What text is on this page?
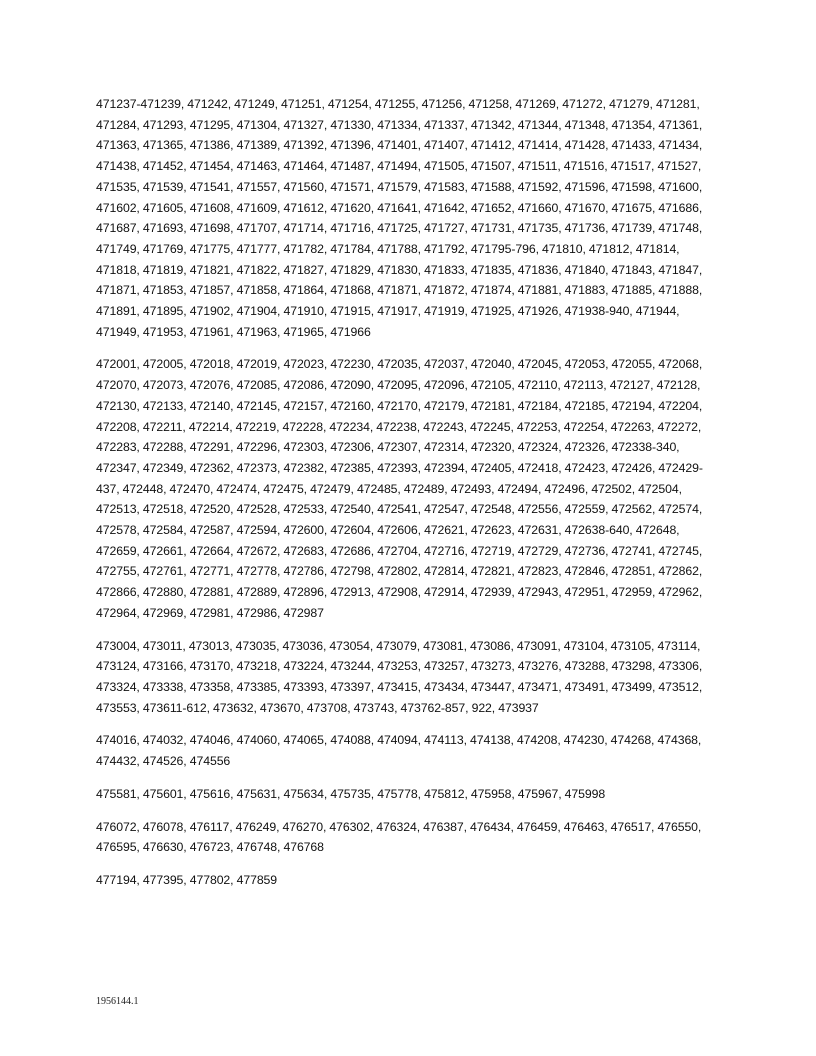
471237-471239, 471242, 471249, 471251, 471254, 471255, 471256, 471258, 471269, 471272, 471279, 471281, 471284, 471293, 471295, 471304, 471327, 471330, 471334, 471337, 471342, 471344, 471348, 471354, 471361, 471363, 471365, 471386, 471389, 471392, 471396, 471401, 471407, 471412, 471414, 471428, 471433, 471434, 471438, 471452, 471454, 471463, 471464, 471487, 471494, 471505, 471507, 471511, 471516, 471517, 471527, 471535, 471539, 471541, 471557, 471560, 471571, 471579, 471583, 471588, 471592, 471596, 471598, 471600, 471602, 471605, 471608, 471609, 471612, 471620, 471641, 471642, 471652, 471660, 471670, 471675, 471686, 471687, 471693, 471698, 471707, 471714, 471716, 471725, 471727, 471731, 471735, 471736, 471739, 471748, 471749, 471769, 471775, 471777, 471782, 471784, 471788, 471792, 471795-796, 471810, 471812, 471814, 471818, 471819, 471821, 471822, 471827, 471829, 471830, 471833, 471835, 471836, 471840, 471843, 471847, 471871, 471853, 471857, 471858, 471864, 471868, 471871, 471872, 471874, 471881, 471883, 471885, 471888, 471891, 471895, 471902, 471904, 471910, 471915, 471917, 471919, 471925, 471926, 471938-940, 471944, 471949, 471953, 471961, 471963, 471965, 471966

472001, 472005, 472018, 472019, 472023, 472230, 472035, 472037, 472040, 472045, 472053, 472055, 472068, 472070, 472073, 472076, 472085, 472086, 472090, 472095, 472096, 472105, 472110, 472113, 472127, 472128, 472130, 472133, 472140, 472145, 472157, 472160, 472170, 472179, 472181, 472184, 472185, 472194, 472204, 472208, 472211, 472214, 472219, 472228, 472234, 472238, 472243, 472245, 472253, 472254, 472263, 472272, 472283, 472288, 472291, 472296, 472303, 472306, 472307, 472314, 472320, 472324, 472326, 472338-340, 472347, 472349, 472362, 472373, 472382, 472385, 472393, 472394, 472405, 472418, 472423, 472426, 472429-437, 472448, 472470, 472474, 472475, 472479, 472485, 472489, 472493, 472494, 472496, 472502, 472504, 472513, 472518, 472520, 472528, 472533, 472540, 472541, 472547, 472548, 472556, 472559, 472562, 472574, 472578, 472584, 472587, 472594, 472600, 472604, 472606, 472621, 472623, 472631, 472638-640, 472648, 472659, 472661, 472664, 472672, 472683, 472686, 472704, 472716, 472719, 472729, 472736, 472741, 472745, 472755, 472761, 472771, 472778, 472786, 472798, 472802, 472814, 472821, 472823, 472846, 472851, 472862, 472866, 472880, 472881, 472889, 472896, 472913, 472908, 472914, 472939, 472943, 472951, 472959, 472962, 472964, 472969, 472981, 472986, 472987

473004, 473011, 473013, 473035, 473036, 473054, 473079, 473081, 473086, 473091, 473104, 473105, 473114, 473124, 473166, 473170, 473218, 473224, 473244, 473253, 473257, 473273, 473276, 473288, 473298, 473306, 473324, 473338, 473358, 473385, 473393, 473397, 473415, 473434, 473447, 473471, 473491, 473499, 473512, 473553, 473611-612, 473632, 473670, 473708, 473743, 473762-857, 922, 473937

474016, 474032, 474046, 474060, 474065, 474088, 474094, 474113, 474138, 474208, 474230, 474268, 474368, 474432, 474526, 474556

475581, 475601, 475616, 475631, 475634, 475735, 475778, 475812, 475958, 475967, 475998

476072, 476078, 476117, 476249, 476270, 476302, 476324, 476387, 476434, 476459, 476463, 476517, 476550, 476595, 476630, 476723, 476748, 476768

477194, 477395, 477802, 477859

1956144.1
